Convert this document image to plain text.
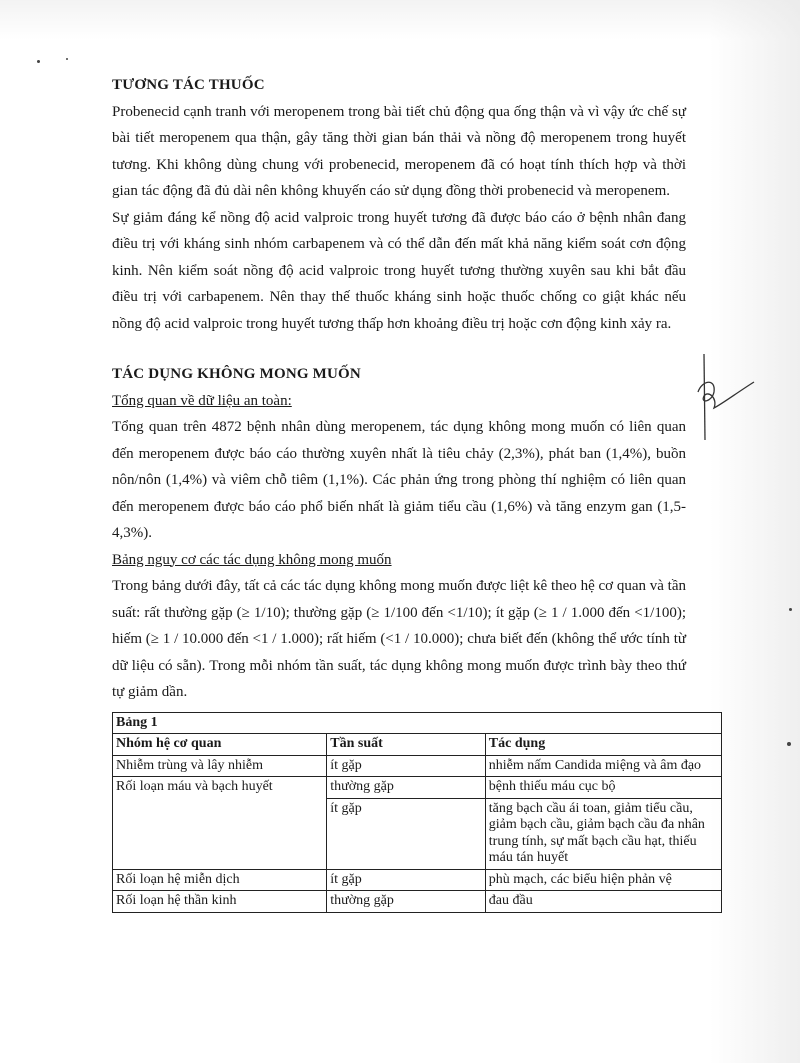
TƯƠNG TÁC THUỐC

Probenecid cạnh tranh với meropenem trong bài tiết chủ động qua ống thận và vì vậy ức chế sự bài tiết meropenem qua thận, gây tăng thời gian bán thải và nồng độ meropenem trong huyết tương. Khi không dùng chung với probenecid, meropenem đã có hoạt tính thích hợp và thời gian tác động đã đủ dài nên không khuyến cáo sử dụng đồng thời probenecid và meropenem.

Sự giảm đáng kể nồng độ acid valproic trong huyết tương đã được báo cáo ở bệnh nhân đang điều trị với kháng sinh nhóm carbapenem và có thể dẫn đến mất khả năng kiểm soát cơn động kinh. Nên kiểm soát nồng độ acid valproic trong huyết tương thường xuyên sau khi bắt đầu điều trị với carbapenem. Nên thay thế thuốc kháng sinh hoặc thuốc chống co giật khác nếu nồng độ acid valproic trong huyết tương thấp hơn khoảng điều trị hoặc cơn động kinh xảy ra.

TÁC DỤNG KHÔNG MONG MUỐN

Tổng quan về dữ liệu an toàn:

Tổng quan trên 4872 bệnh nhân dùng meropenem, tác dụng không mong muốn có liên quan đến meropenem được báo cáo thường xuyên nhất là tiêu chảy (2,3%), phát ban (1,4%), buồn nôn/nôn (1,4%) và viêm chỗ tiêm (1,1%). Các phản ứng trong phòng thí nghiệm có liên quan đến meropenem được báo cáo phổ biến nhất là giảm tiểu cầu (1,6%) và tăng enzym gan (1,5-4,3%).

Bảng nguy cơ các tác dụng không mong muốn

Trong bảng dưới đây, tất cả các tác dụng không mong muốn được liệt kê theo hệ cơ quan và tần suất: rất thường gặp (≥ 1/10); thường gặp (≥ 1/100 đến <1/10); ít gặp (≥ 1 / 1.000 đến <1/100); hiếm (≥ 1 / 10.000 đến <1 / 1.000); rất hiếm (<1 / 10.000); chưa biết đến (không thể ước tính từ dữ liệu có sẵn). Trong mỗi nhóm tần suất, tác dụng không mong muốn được trình bày theo thứ tự giảm dần.

Bảng 1		
Nhóm hệ cơ quan	Tần suất	Tác dụng
Nhiễm trùng và lây nhiễm	ít gặp	nhiễm nấm Candida miệng và âm đạo
Rối loạn máu và bạch huyết	thường gặp	bệnh thiếu máu cục bộ
	ít gặp	tăng bạch cầu ái toan, giảm tiểu cầu, giảm bạch cầu, giảm bạch cầu đa nhân trung tính, sự mất bạch cầu hạt, thiếu máu tán huyết
Rối loạn hệ miễn dịch	ít gặp	phù mạch, các biểu hiện phản vệ
Rối loạn hệ thần kinh	thường gặp	đau đầu
